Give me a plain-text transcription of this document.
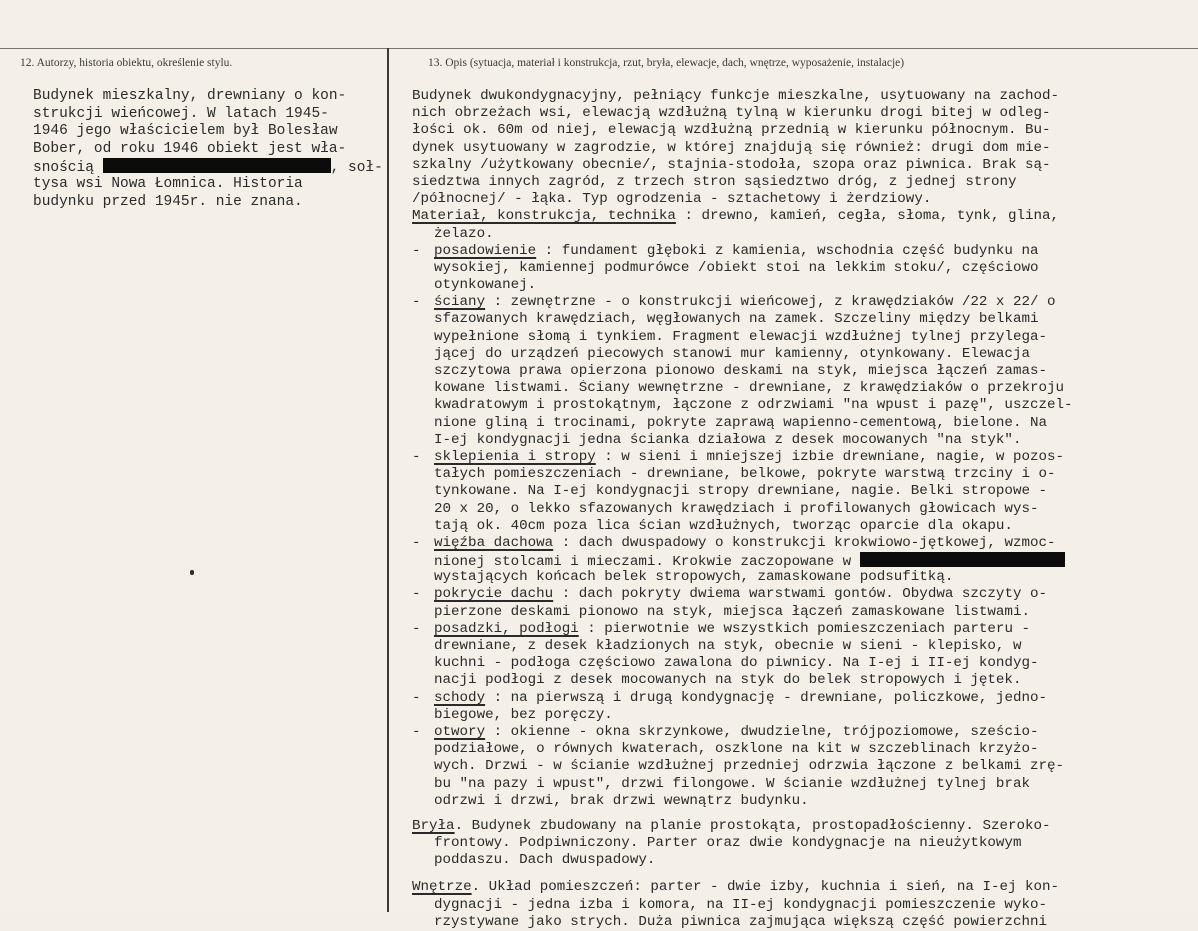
12. Autorzy, historia obiektu, określenie stylu.	13. Opis (sytuacja, materiał i konstrukcja, rzut, bryła, elewacje, dach, wnętrze, wyposażenie, instalacje)
Budynek mieszkalny, drewniany o kon-
strukcji wieńcowej. W latach 1945-
1946 jego właścicielem był Bolesław
Bober, od roku 1946 obiekt jest wła-
snością	, soł-
tysa wsi Nowa Łomnica. Historia
budynku przed 1945r. nie znana.
Budynek dwukondygnacyjny, pełniący funkcje mieszkalne, usytuowany na zachod-
nich obrzeżach wsi, elewacją wzdłużną tylną w kierunku drogi bitej w odleg-
łości ok. 60m od niej, elewacją wzdłużną przednią w kierunku północnym. Bu-
dynek usytuowany w zagrodzie, w której znajdują się również: drugi dom mie-
szkalny /użytkowany obecnie/, stajnia-stodoła, szopa oraz piwnica. Brak są-
siedztwa innych zagród, z trzech stron sąsiedztwo dróg, z jednej strony
/północnej/ - łąka. Typ ogrodzenia - sztachetowy i żerdziowy.
Materiał, konstrukcja, technika : drewno, kamień, cegła, słoma, tynk, glina,
żelazo.
- posadowienie : fundament głęboki z kamienia, wschodnia część budynku na
wysokiej, kamiennej podmurówce /obiekt stoi na lekkim stoku/, częściowo
otynkowanej.
- ściany : zewnętrzne - o konstrukcji wieńcowej, z krawędziaków /22 x 22/ o
sfazowanych krawędziach, węgłowanych na zamek. Szczeliny między belkami
wypełnione słomą i tynkiem. Fragment elewacji wzdłużnej tylnej przylega-
jącej do urządzeń piecowych stanowi mur kamienny, otynkowany. Elewacja
szczytowa prawa opierzona pionowo deskami na styk, miejsca łączeń zamas-
kowane listwami. Ściany wewnętrzne - drewniane, z krawędziaków o przekroju
kwadratowym i prostokątnym, łączone z odrzwiami "na wpust i pazę", uszczel-
nione gliną i trocinami, pokryte zaprawą wapienno-cementową, bielone. Na
I-ej kondygnacji jedna ścianka działowa z desek mocowanych "na styk".
- sklepienia i stropy : w sieni i mniejszej izbie drewniane, nagie, w pozos-
tałych pomieszczeniach - drewniane, belkowe, pokryte warstwą trzciny i o-
tynkowane. Na I-ej kondygnacji stropy drewniane, nagie. Belki stropowe -
20 x 20, o lekko sfazowanych krawędziach i profilowanych głowicach wys-
tają ok. 40cm poza lica ścian wzdłużnych, tworząc oparcie dla okapu.
- więźba dachowa : dach dwuspadowy o konstrukcji krokwiowo-jętkowej, wzmoc-
nionej stolcami i mieczami. Krokwie zaczopowane w
wystających końcach belek stropowych, zamaskowane podsufitką.
- pokrycie dachu : dach pokryty dwiema warstwami gontów. Obydwa szczyty o-
pierzone deskami pionowo na styk, miejsca łączeń zamaskowane listwami.
- posadzki, podłogi : pierwotnie we wszystkich pomieszczeniach parteru -
drewniane, z desek kładzionych na styk, obecnie w sieni - klepisko, w
kuchni - podłoga częściowo zawalona do piwnicy. Na I-ej i II-ej kondyg-
nacji podłogi z desek mocowanych na styk do belek stropowych i jętek.
- schody : na pierwszą i drugą kondygnację - drewniane, policzkowe, jedno-
biegowe, bez poręczy.
- otwory : okienne - okna skrzynkowe, dwudzielne, trójpoziomowe, sześcio-
podziałowe, o równych kwaterach, oszklone na kit w szczeblinach krzyżo-
wych. Drzwi - w ścianie wzdłużnej przedniej odrzwia łączone z belkami zrę-
bu "na pazy i wpust", drzwi filongowe. W ścianie wzdłużnej tylnej brak
odrzwi i drzwi, brak drzwi wewnątrz budynku.
Bryła. Budynek zbudowany na planie prostokąta, prostopadłościenny. Szeroko-
frontowy. Podpiwniczony. Parter oraz dwie kondygnacje na nieużytkowym
poddaszu. Dach dwuspadowy.
Wnętrze. Układ pomieszczeń: parter - dwie izby, kuchnia i sień, na I-ej kon-
dygnacji - jedna izba i komora, na II-ej kondygnacji pomieszczenie wyko-
rzystywane jako strych. Duża piwnica zajmująca większą część powierzchni
